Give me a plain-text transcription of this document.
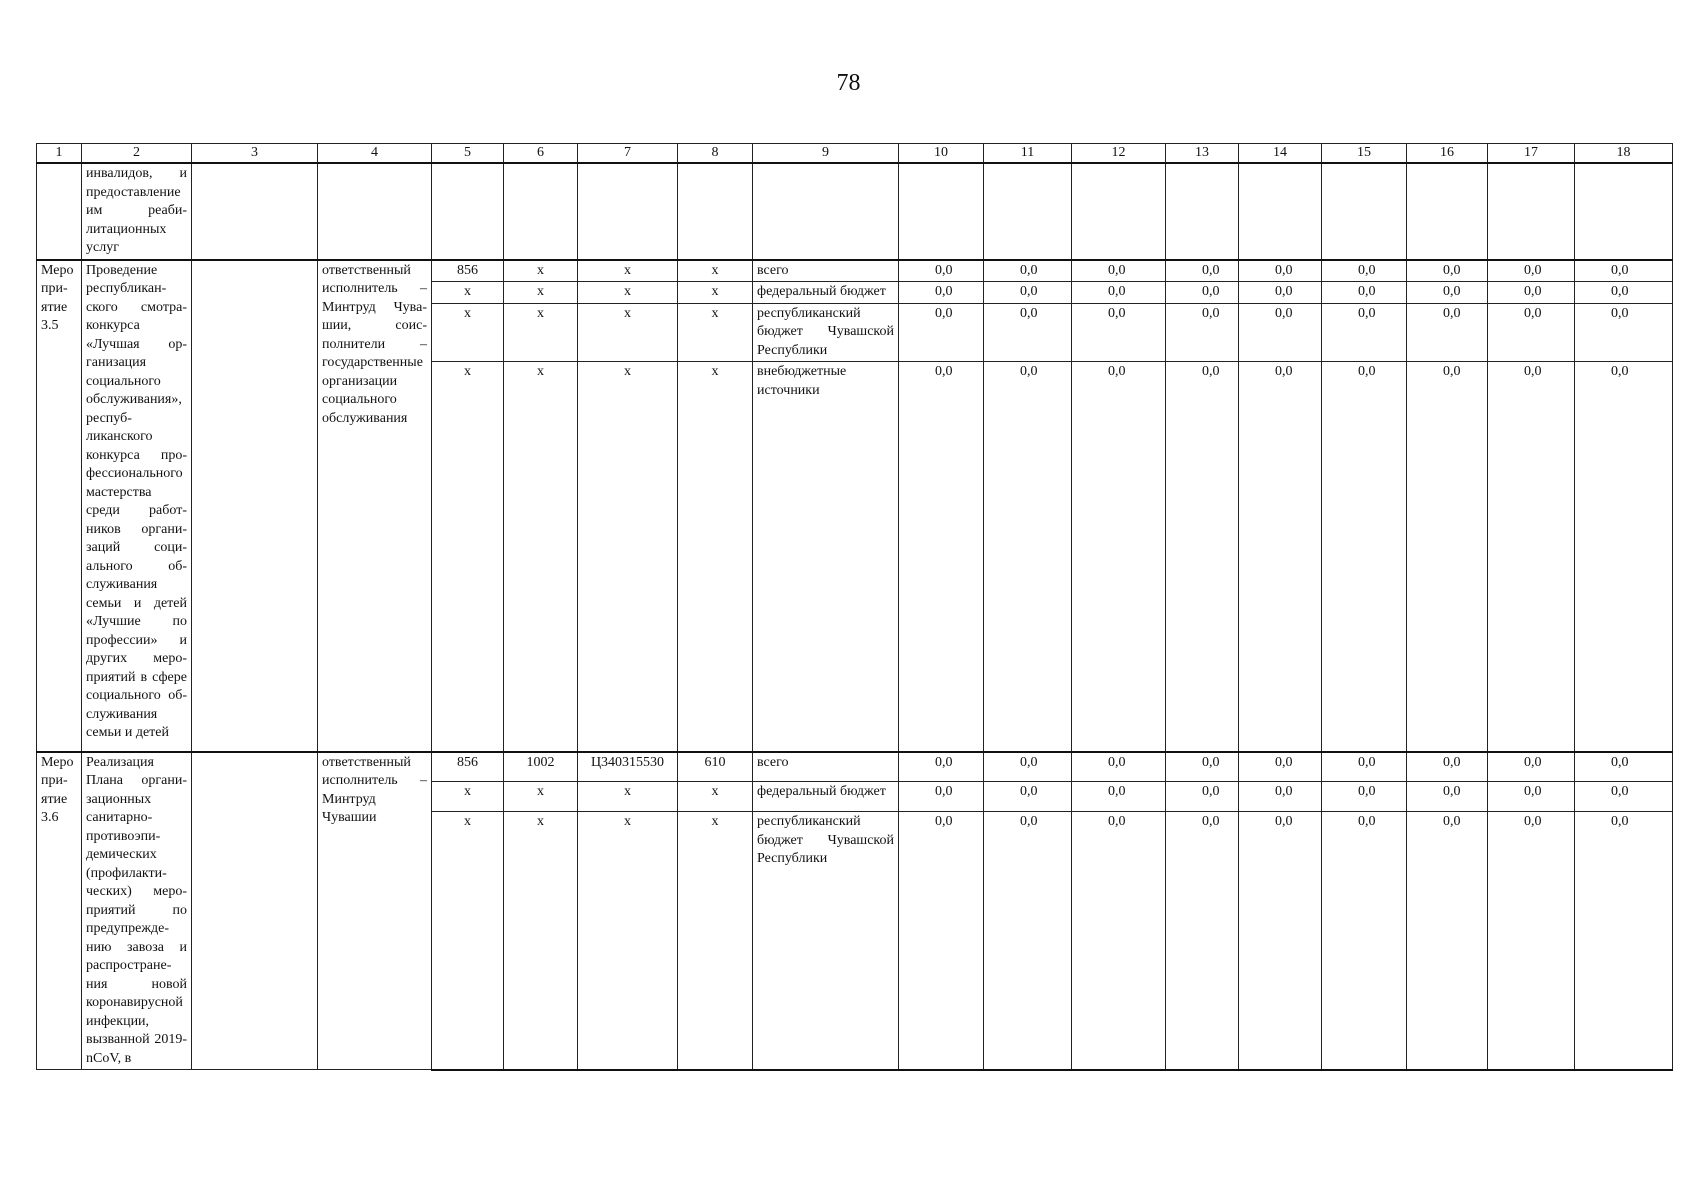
78
1	2	3	4	5	6	7	8	9	10	11	12	13	14	15	16	17	18
	инвалидов, и предоставление им реабилитационных услуг																
Меро приятие 3.5	Проведение республиканского смотра-конкурса «Лучшая организация социального обслуживания», республиканского конкурса профессионального мастерства среди работников организаций социального обслуживания семьи и детей «Лучшие по профессии» и других мероприятий в сфере социального обслуживания семьи и детей		ответственный исполнитель – Минтруд Чувашии, соисполнители – государственные организации социального обслуживания	856	х	х	х	всего	0,0	0,0	0,0	0,0	0,0	0,0	0,0	0,0	0,0
				х	х	х	х	федеральный бюджет	0,0	0,0	0,0	0,0	0,0	0,0	0,0	0,0	0,0
				х	х	х	х	республиканский бюджет Чувашской Республики	0,0	0,0	0,0	0,0	0,0	0,0	0,0	0,0	0,0
				х	х	х	х	внебюджетные источники	0,0	0,0	0,0	0,0	0,0	0,0	0,0	0,0	0,0
Меро приятие 3.6	Реализация Плана организационных санитарно-противоэпидемических (профилактических) мероприятий по предупреждению завоза и распространения новой коронавирусной инфекции, вызванной 2019-nCoV, в		ответственный исполнитель – Минтруд Чувашии	856	1002	Ц340315530	610	всего	0,0	0,0	0,0	0,0	0,0	0,0	0,0	0,0	0,0
				х	х	х	х	федеральный бюджет	0,0	0,0	0,0	0,0	0,0	0,0	0,0	0,0	0,0
				х	х	х	х	республиканский бюджет Чувашской Республики	0,0	0,0	0,0	0,0	0,0	0,0	0,0	0,0	0,0
